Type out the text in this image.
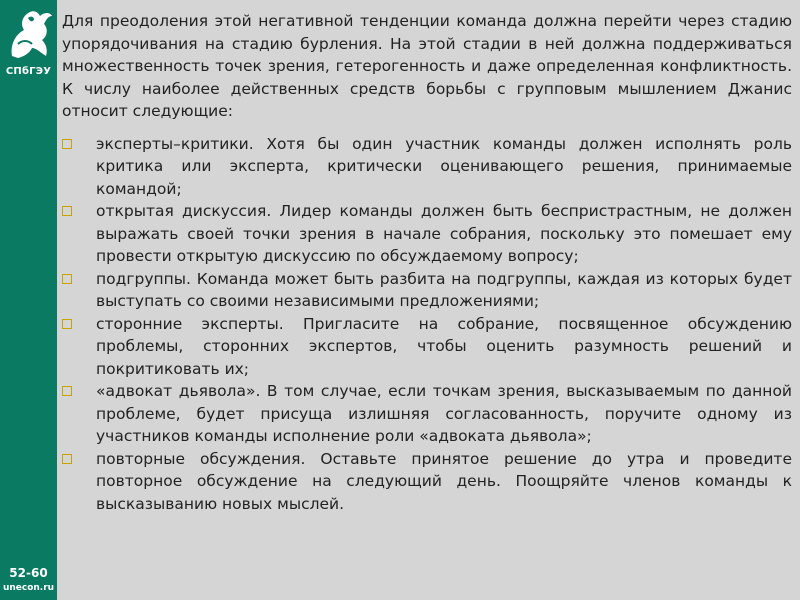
СПбГЭУ
52-60
unecon.ru

Для преодоления этой негативной тенденции команда должна перейти через стадию упорядочивания на стадию бурления. На этой стадии в ней должна поддерживаться множественность точек зрения, гетерогенность и даже определенная конфликтность. К числу наиболее действенных средств борьбы с групповым мышлением Джанис относит следующие:

эксперты–критики. Хотя бы один участник команды должен исполнять роль критика или эксперта, критически оценивающего решения, принимаемые командой;
открытая дискуссия. Лидер команды должен быть беспристрастным, не должен выражать своей точки зрения в начале собрания, поскольку это помешает ему провести открытую дискуссию по обсуждаемому вопросу;
подгруппы. Команда может быть разбита на подгруппы, каждая из которых будет выступать со своими независимыми предложениями;
сторонние эксперты. Пригласите на собрание, посвященное обсуждению проблемы, сторонних экспертов, чтобы оценить разумность решений и покритиковать их;
«адвокат дьявола». В том случае, если точкам зрения, высказываемым по данной проблеме, будет присуща излишняя согласованность, поручите одному из участников команды исполнение роли «адвоката дьявола»;
повторные обсуждения. Оставьте принятое решение до утра и проведите повторное обсуждение на следующий день. Поощряйте членов команды к высказыванию новых мыслей.
